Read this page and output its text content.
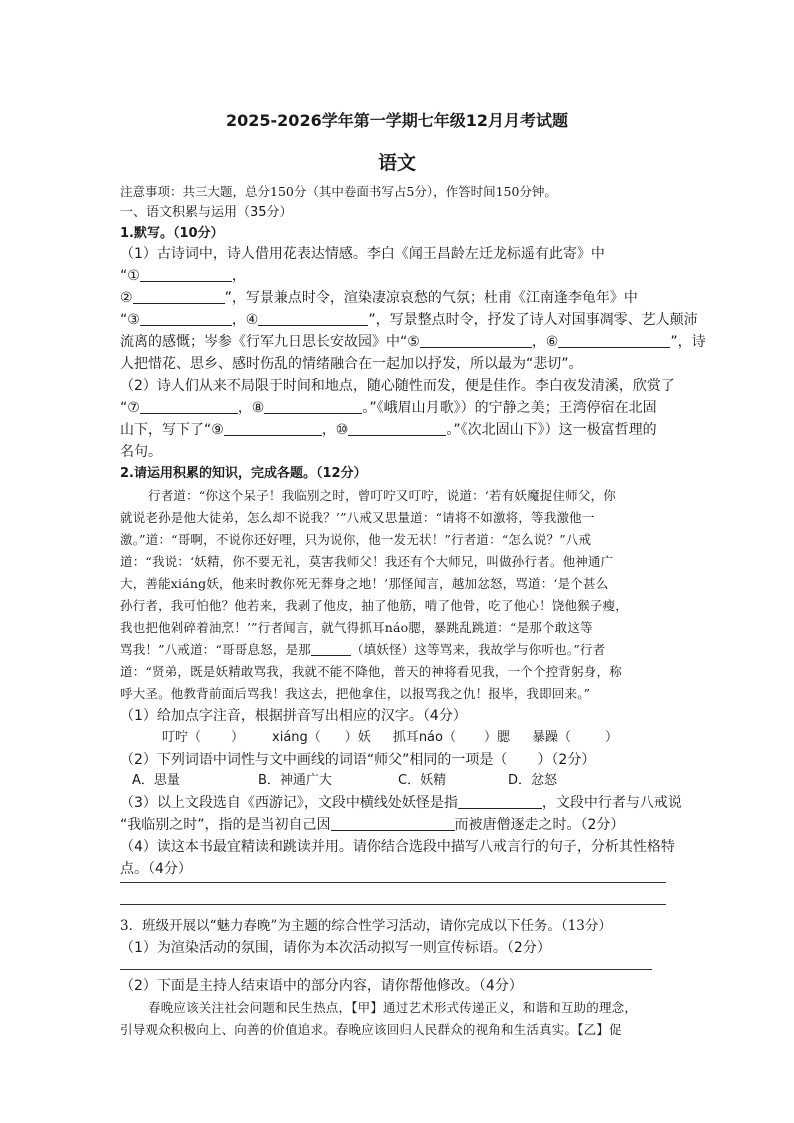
2025-2026学年第一学期七年级12月月考试题
语文
注意事项：共三大题，总分150分（其中卷面书写占5分），作答时间150分钟。
一、语文积累与运用（35分）
1.默写。（10分）
（1）古诗词中，诗人借用花表达情感。李白《闻王昌龄左迁龙标遥有此寄》中
“①	，
②	”，写景兼点时令，渲染凄凉哀愁的气氛；杜甫《江南逢李龟年》中
“③	，④	”，写景整点时令，抒发了诗人对国事凋零、艺人颠沛
流离的感慨；岑参《行军九日思长安故园》中“⑤	，⑥	”，诗
人把惜花、思乡、感时伤乱的情绪融合在一起加以抒发，所以最为“悲切”。
（2）诗人们从来不局限于时间和地点，随心随性而发，便是佳作。李白夜发清溪，欣赏了
“⑦	，⑧	。”《峨眉山月歌》）的宁静之美；王湾停宿在北固
山下，写下了“⑨	，⑩	。”《次北固山下》）这一极富哲理的
名句。
2.请运用积累的知识，完成各题。（12分）
行者道：“你这个呆子！我临别之时，曾叮咛又叮咛，说道：‘若有妖魔捉住师父，你
就说老孙是他大徒弟，怎么却不说我？’”八戒又思量道：“请将不如激将，等我激他一
激。”道：“哥啊，不说你还好哩，只为说你，他一发无状！”行者道：“怎么说？”八戒
道：“我说：‘妖精，你不要无礼，莫害我师父！我还有个大师兄，叫做孙行者。他神通广
大，善能xiáng妖，他来时教你死无葬身之地！’那怪闻言，越加忿怒，骂道：‘是个甚么
孙行者，我可怕他？他若来，我剥了他皮，抽了他筋，啃了他骨，吃了他心！饶他猴子瘦，
我也把他剁碎着油烹！’”行者闻言，就气得抓耳náo腮，暴跳乱跳道：“是那个敢这等
骂我！”八戒道：“哥哥息怒，是那	（填妖怪）这等骂来，我故学与你听也。”行者
道：“贤弟，既是妖精敢骂我，我就不能不降他，普天的神将看见我，一个个控背躬身，称
呼大圣。他教背前面后骂我！我这去，把他拿住，以报骂我之仇！报毕，我即回来。”
（1）给加点字注音，根据拼音写出相应的汉字。（4分）
叮咛（ ） xiáng（ ）妖 抓耳náo（ ）腮 暴躁（	）
（2）下列词语中词性与文中画线的词语“师父”相同的一项是（ ）（2分）
A．思量	B．神通广大	C．妖精	D．忿怒
（3）以上文段选自《西游记》，文段中横线处妖怪是指	，文段中行者与八戒说
“我临别之时”，指的是当初自己因	而被唐僧逐走之时。（2分）
（4）读这本书最宜精读和跳读并用。请你结合选段中描写八戒言行的句子，分析其性格特
点。（4分）
3．班级开展以“魅力春晚”为主题的综合性学习活动，请你完成以下任务。（13分）
（1）为渲染活动的氛围，请你为本次活动拟写一则宣传标语。（2分）
（2）下面是主持人结束语中的部分内容，请你帮他修改。（4分）
春晚应该关注社会问题和民生热点，【甲】通过艺术形式传递正义，和谐和互助的理念，
引导观众积极向上、向善的价值追求。春晚应该回归人民群众的视角和生活真实。【乙】促
